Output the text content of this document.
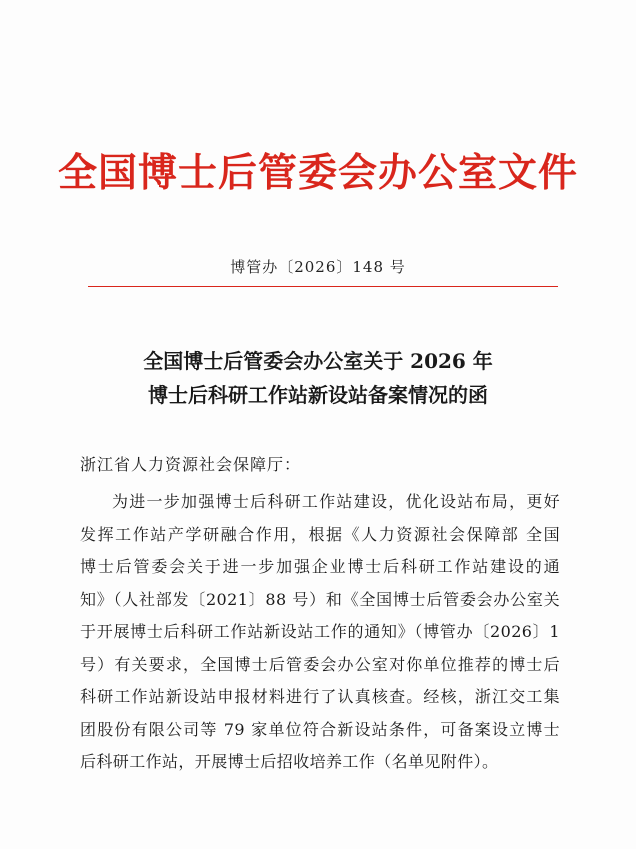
全国博士后管委会办公室文件
博管办〔2026〕148 号
全国博士后管委会办公室关于 2026 年
博士后科研工作站新设站备案情况的函
浙江省人力资源社会保障厅：
为进一步加强博士后科研工作站建设，优化设站布局，更好
发挥工作站产学研融合作用，根据《人力资源社会保障部 全国
博士后管委会关于进一步加强企业博士后科研工作站建设的通
知》（人社部发〔2021〕88 号）和《全国博士后管委会办公室关
于开展博士后科研工作站新设站工作的通知》（博管办〔2026〕1
号）有关要求，全国博士后管委会办公室对你单位推荐的博士后
科研工作站新设站申报材料进行了认真核查。经核，浙江交工集
团股份有限公司等 79 家单位符合新设站条件，可备案设立博士
后科研工作站，开展博士后招收培养工作（名单见附件）。
